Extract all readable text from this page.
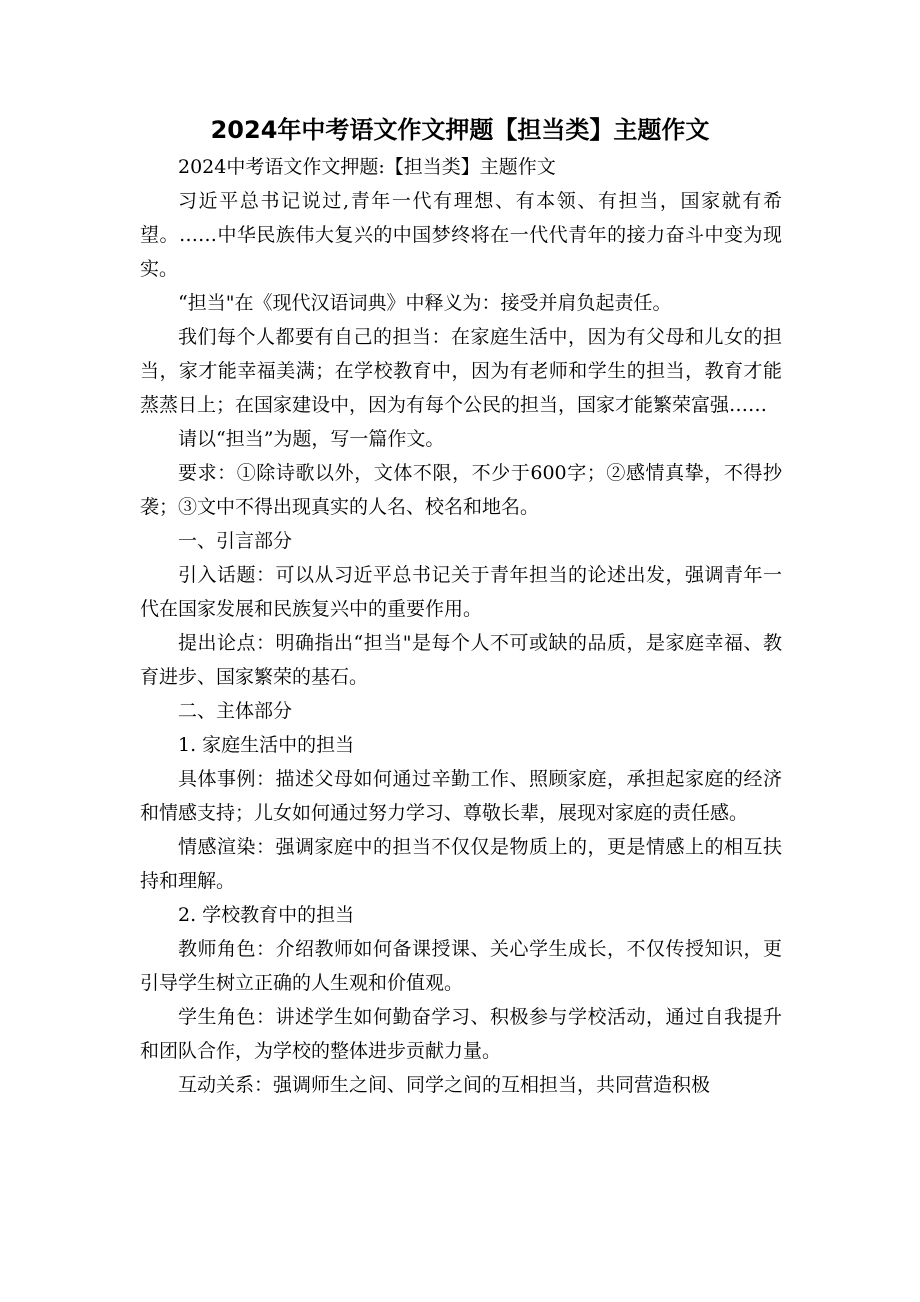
2024年中考语文作文押题【担当类】主题作文

2024中考语文作文押题:【担当类】主题作文

习近平总书记说过,青年一代有理想、有本领、有担当，国家就有希望。……中华民族伟大复兴的中国梦终将在一代代青年的接力奋斗中变为现实。

“担当"在《现代汉语词典》中释义为：接受并肩负起责任。

我们每个人都要有自己的担当：在家庭生活中，因为有父母和儿女的担当，家才能幸福美满；在学校教育中，因为有老师和学生的担当，教育才能蒸蒸日上；在国家建设中，因为有每个公民的担当，国家才能繁荣富强……

请以“担当”为题，写一篇作文。

要求：①除诗歌以外，文体不限，不少于600字；②感情真挚，不得抄袭；③文中不得出现真实的人名、校名和地名。

一、引言部分

引入话题：可以从习近平总书记关于青年担当的论述出发，强调青年一代在国家发展和民族复兴中的重要作用。

提出论点：明确指出“担当"是每个人不可或缺的品质，是家庭幸福、教育进步、国家繁荣的基石。

二、主体部分

1. 家庭生活中的担当

具体事例：描述父母如何通过辛勤工作、照顾家庭，承担起家庭的经济和情感支持；儿女如何通过努力学习、尊敬长辈，展现对家庭的责任感。

情感渲染：强调家庭中的担当不仅仅是物质上的，更是情感上的相互扶持和理解。

2. 学校教育中的担当

教师角色：介绍教师如何备课授课、关心学生成长，不仅传授知识，更引导学生树立正确的人生观和价值观。

学生角色：讲述学生如何勤奋学习、积极参与学校活动，通过自我提升和团队合作，为学校的整体进步贡献力量。

互动关系：强调师生之间、同学之间的互相担当，共同营造积极
